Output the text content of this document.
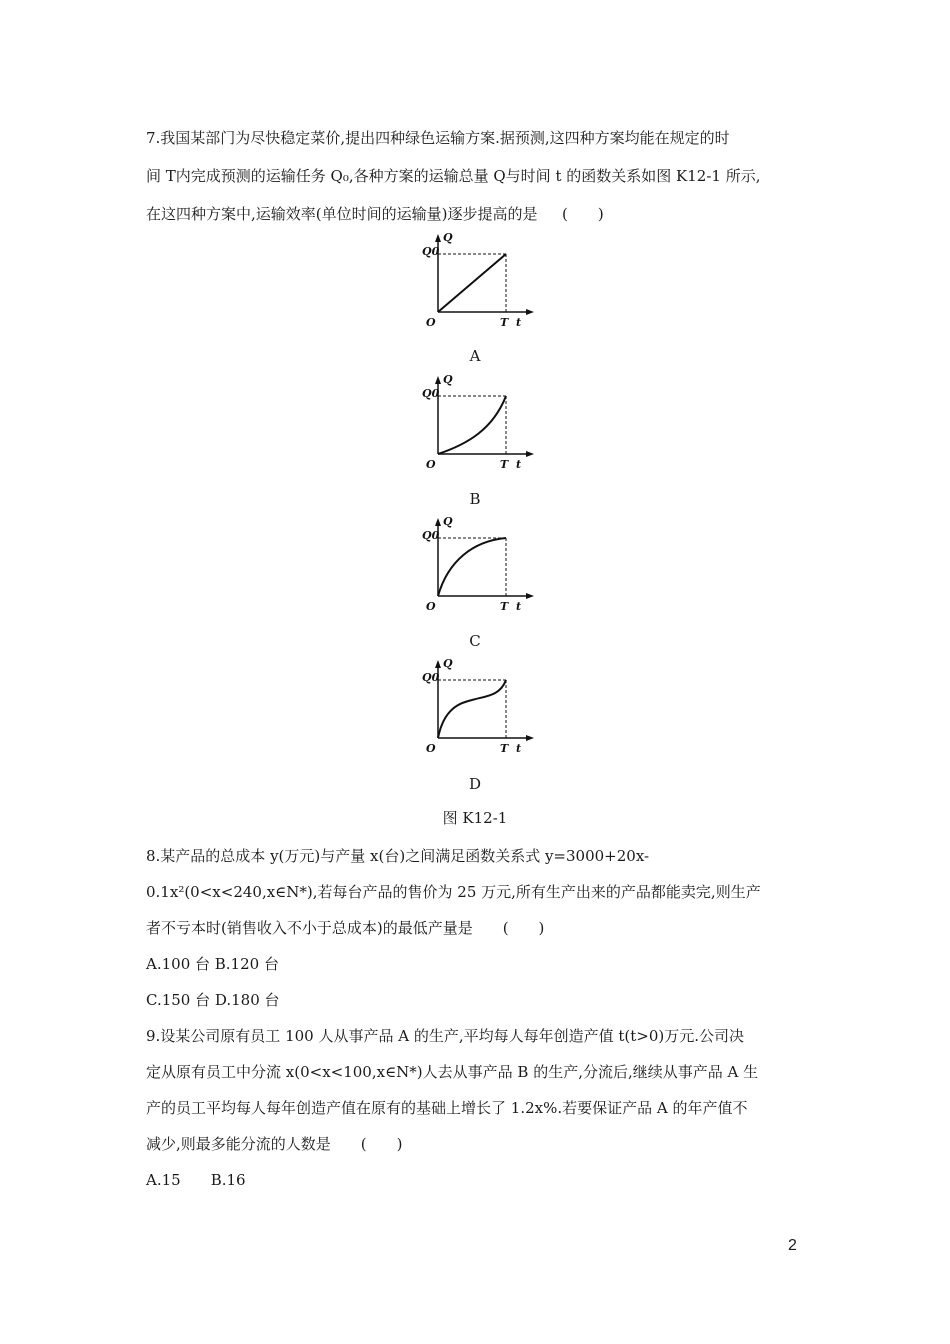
7.我国某部门为尽快稳定菜价,提出四种绿色运输方案.据预测,这四种方案均能在规定的时
间 T内完成预测的运输任务 Q₀,各种方案的运输总量 Q与时间 t 的函数关系如图 K12-1 所示,
在这四种方案中,运输效率(单位时间的运输量)逐步提高的是 　 (　　)
Q0
Q
O	T t
A
Q0
Q
O	T t
B
Q0
Q
O	T t
C
Q0
Q
O	T t
D
图 K12-1
8.某产品的总成本 y(万元)与产量 x(台)之间满足函数关系式 y=3000+20x-
0.1x²(0<x<240,x∈N*),若每台产品的售价为 25 万元,所有生产出来的产品都能卖完,则生产
者不亏本时(销售收入不小于总成本)的最低产量是　　(　　)
A.100 台 B.120 台
C.150 台 D.180 台
9.设某公司原有员工 100 人从事产品 A 的生产,平均每人每年创造产值 t(t>0)万元.公司决
定从原有员工中分流 x(0<x<100,x∈N*)人去从事产品 B 的生产,分流后,继续从事产品 A 生
产的员工平均每人每年创造产值在原有的基础上增长了 1.2x%.若要保证产品 A 的年产值不
减少,则最多能分流的人数是　　(　　)
A.15　　B.16
2
